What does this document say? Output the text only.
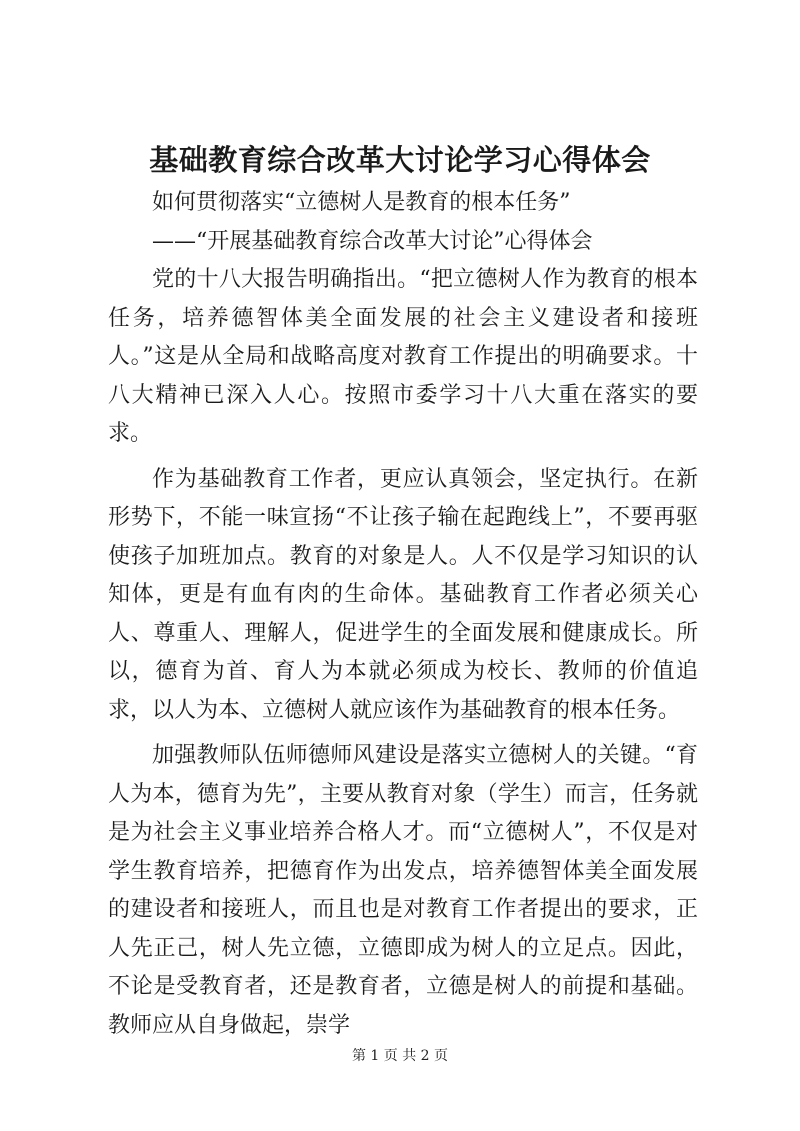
基础教育综合改革大讨论学习心得体会

如何贯彻落实“立德树人是教育的根本任务”

——“开展基础教育综合改革大讨论”心得体会

党的十八大报告明确指出。“把立德树人作为教育的根本任务，培养德智体美全面发展的社会主义建设者和接班人。”这是从全局和战略高度对教育工作提出的明确要求。十八大精神已深入人心。按照市委学习十八大重在落实的要求。

作为基础教育工作者，更应认真领会，坚定执行。在新形势下，不能一味宣扬“不让孩子输在起跑线上”，不要再驱使孩子加班加点。教育的对象是人。人不仅是学习知识的认知体，更是有血有肉的生命体。基础教育工作者必须关心人、尊重人、理解人，促进学生的全面发展和健康成长。所以，德育为首、育人为本就必须成为校长、教师的价值追求，以人为本、立德树人就应该作为基础教育的根本任务。

加强教师队伍师德师风建设是落实立德树人的关键。“育人为本，德育为先”，主要从教育对象（学生）而言，任务就是为社会主义事业培养合格人才。而“立德树人”，不仅是对学生教育培养，把德育作为出发点，培养德智体美全面发展的建设者和接班人，而且也是对教育工作者提出的要求，正人先正己，树人先立德，立德即成为树人的立足点。因此，不论是受教育者，还是教育者，立德是树人的前提和基础。教师应从自身做起，崇学

第 1 页 共 2 页
